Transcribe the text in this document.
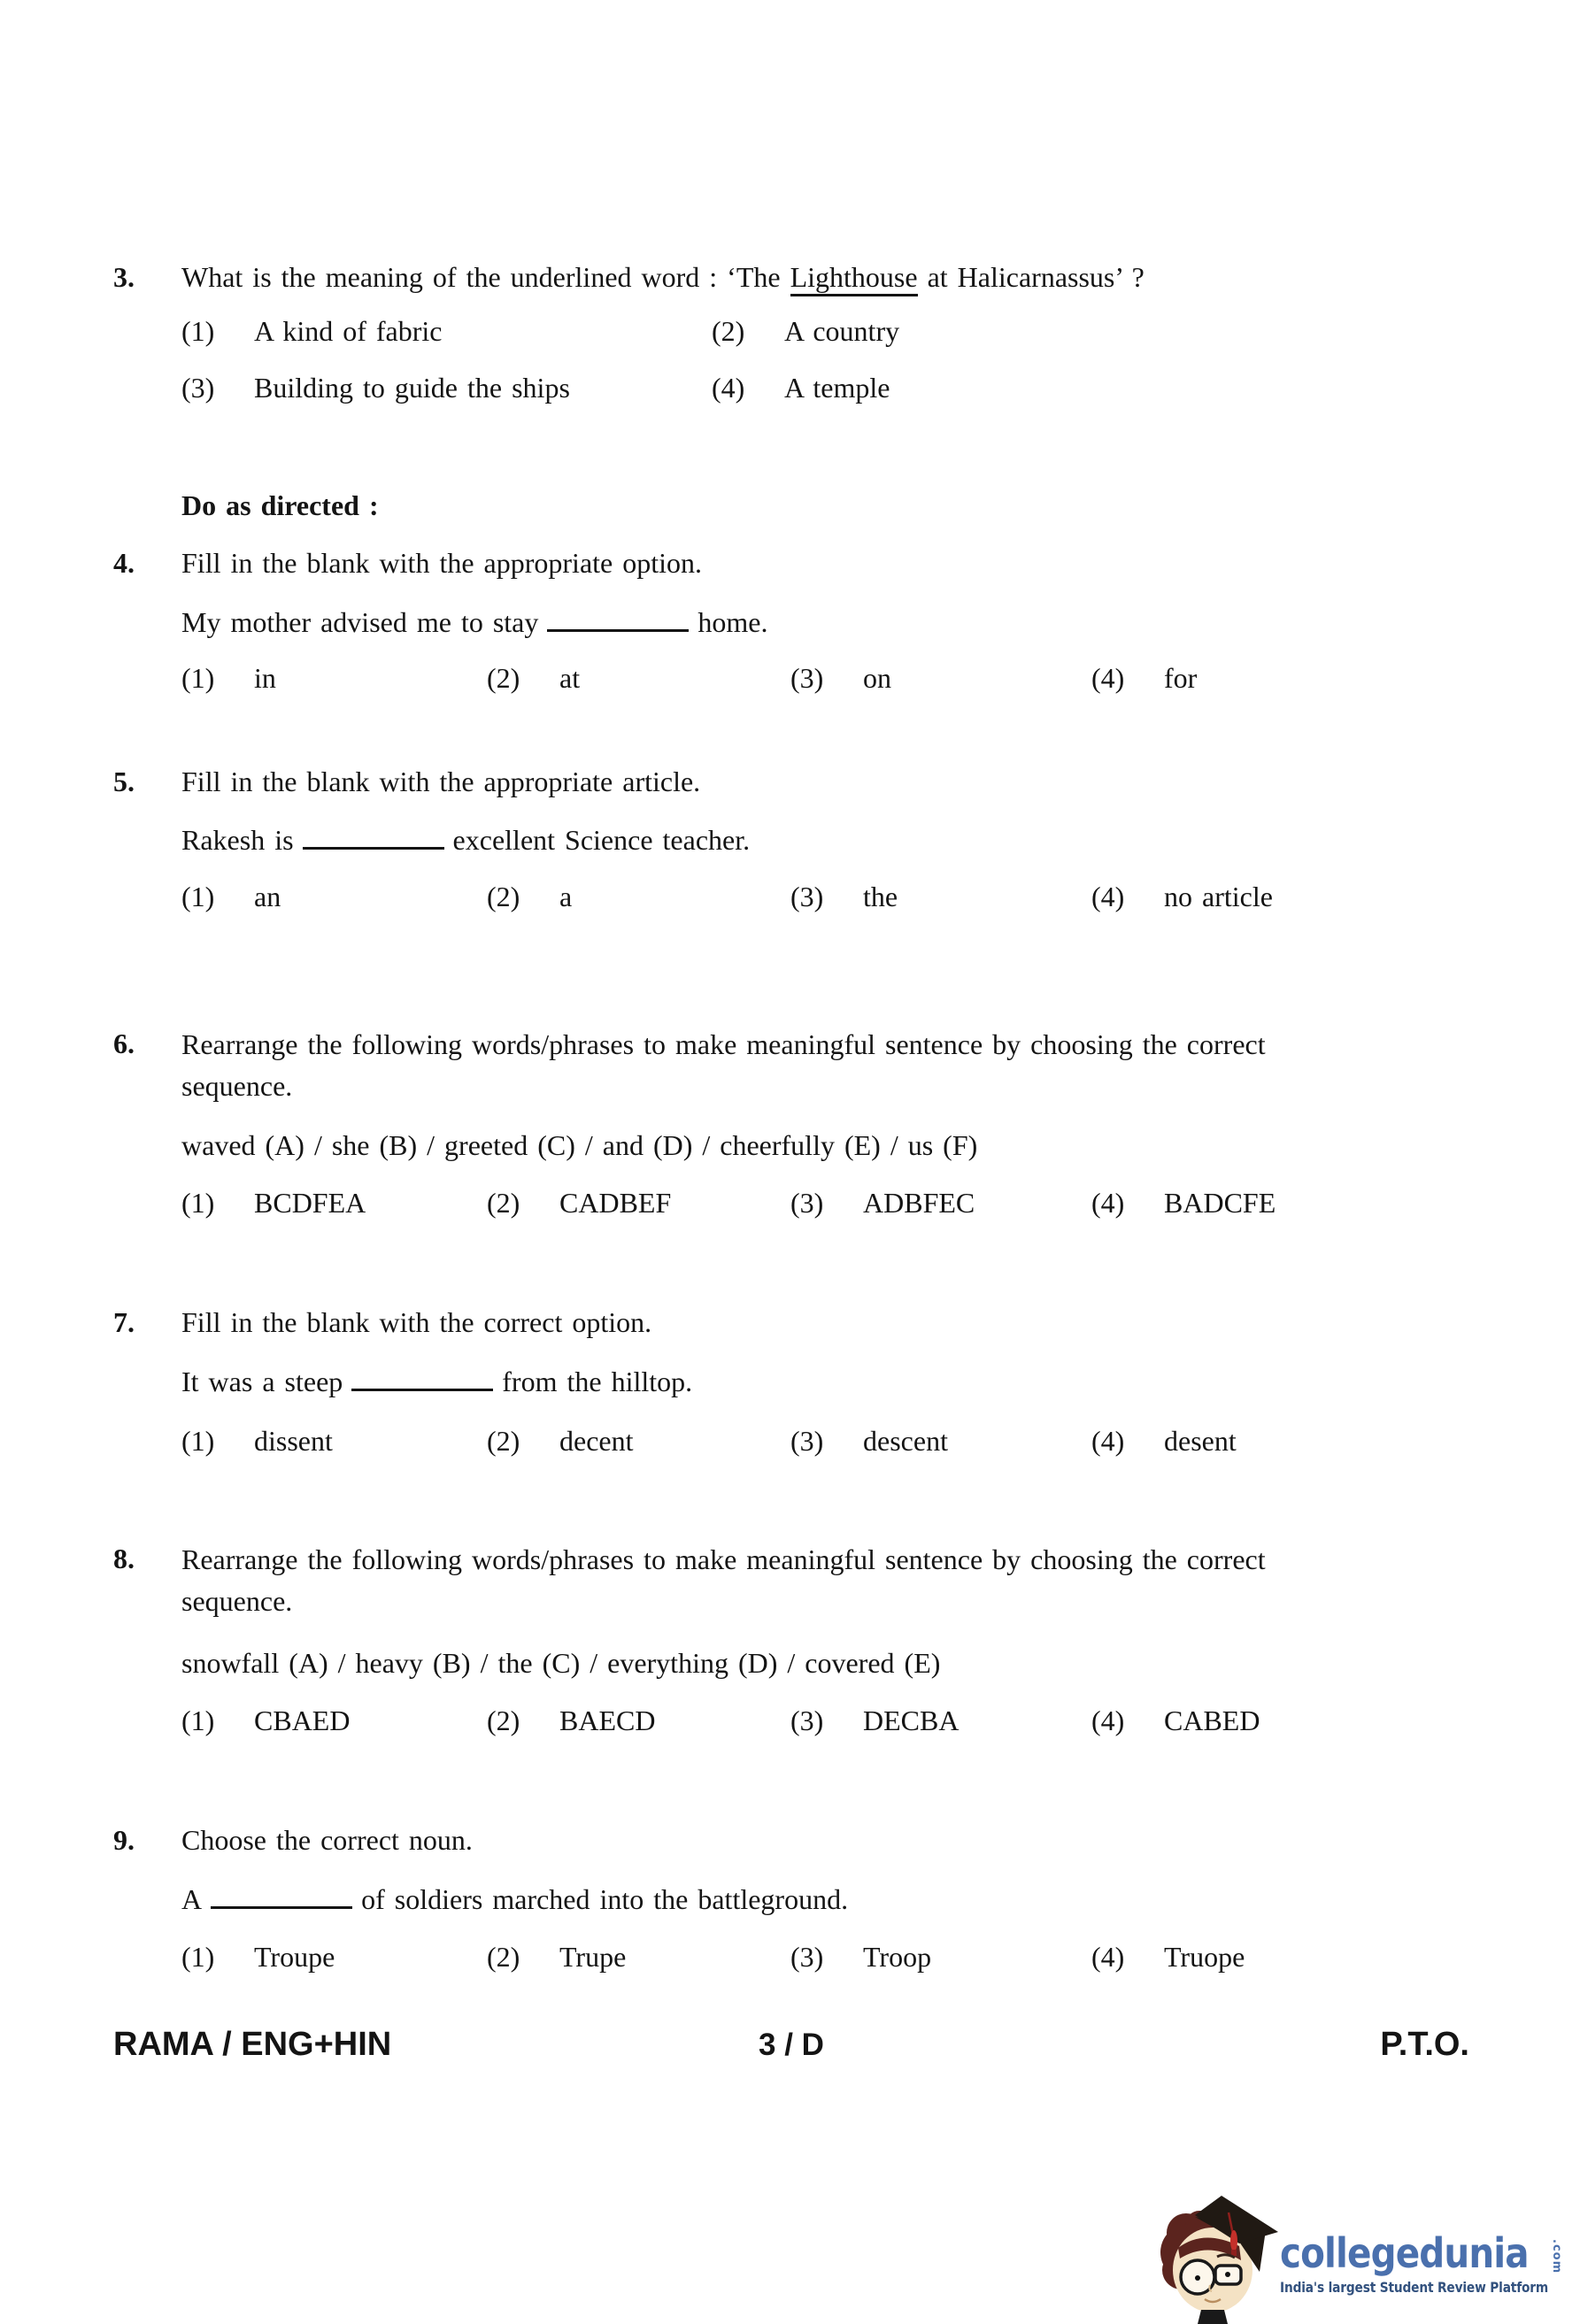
3.	What is the meaning of the underlined word : ‘The Lighthouse at Halicarnassus’ ?
(1)	A kind of fabric	(2)	A country
(3)	Building to guide the ships	(4)	A temple
Do as directed :
4.	Fill in the blank with the appropriate option.
My mother advised me to stay	home.
(1)	in	(2)	at	(3)	on	(4)	for
5.	Fill in the blank with the appropriate article.
Rakesh is	excellent Science teacher.
(1)	an	(2)	a	(3)	the	(4)	no article
6.	Rearrange the following words/phrases to make meaningful sentence by choosing the correct
sequence.
waved (A) / she (B) / greeted (C) / and (D) / cheerfully (E) / us (F)
(1)	BCDFEA	(2)	CADBEF	(3)	ADBFEC	(4)	BADCFE
7.	Fill in the blank with the correct option.
It was a steep	from the hilltop.
(1)	dissent	(2)	decent	(3)	descent	(4)	desent
8.	Rearrange the following words/phrases to make meaningful sentence by choosing the correct
sequence.
snowfall (A) / heavy (B) / the (C) / everything (D) / covered (E)
(1)	CBAED	(2)	BAECD	(3)	DECBA	(4)	CABED
9.	Choose the correct noun.
A	of soldiers marched into the battleground.
(1)	Troupe	(2)	Trupe	(3)	Troop	(4)	Truope
RAMA / ENG+HIN	3 / D	P.T.O.
collegedunia .com
India's largest Student Review Platform
